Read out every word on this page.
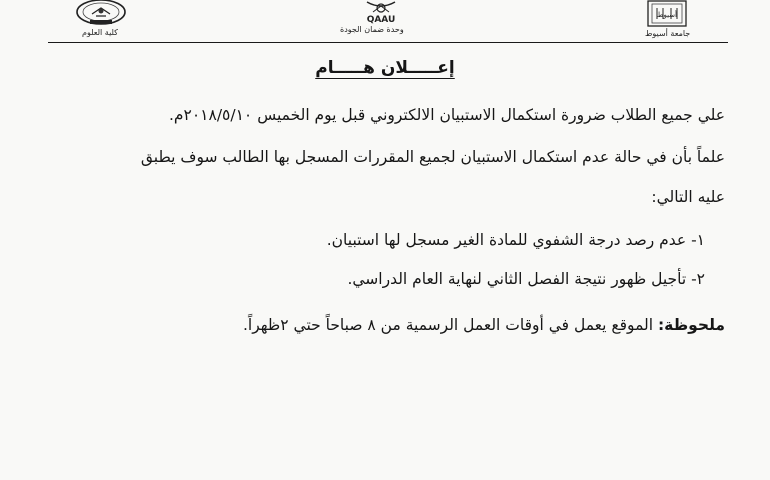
كلية العلوم
QAAU
وحدة ضمان الجودة
أسيوط
جامعة أسيوط
إعـــــلان هـــــام
علي جميع الطلاب ضرورة استكمال الاستبيان الالكتروني قبل يوم الخميس ٢٠١٨/٥/١٠م.
علماً بأن في حالة عدم استكمال الاستبيان لجميع المقررات المسجل بها الطالب سوف يطبق
عليه التالي:
١- عدم رصد درجة الشفوي للمادة الغير مسجل لها استبيان.
٢- تأجيل ظهور نتيجة الفصل الثاني لنهاية العام الدراسي.
ملحوظة: الموقع يعمل في أوقات العمل الرسمية من ٨ صباحاً حتي ٢ظهراً.
